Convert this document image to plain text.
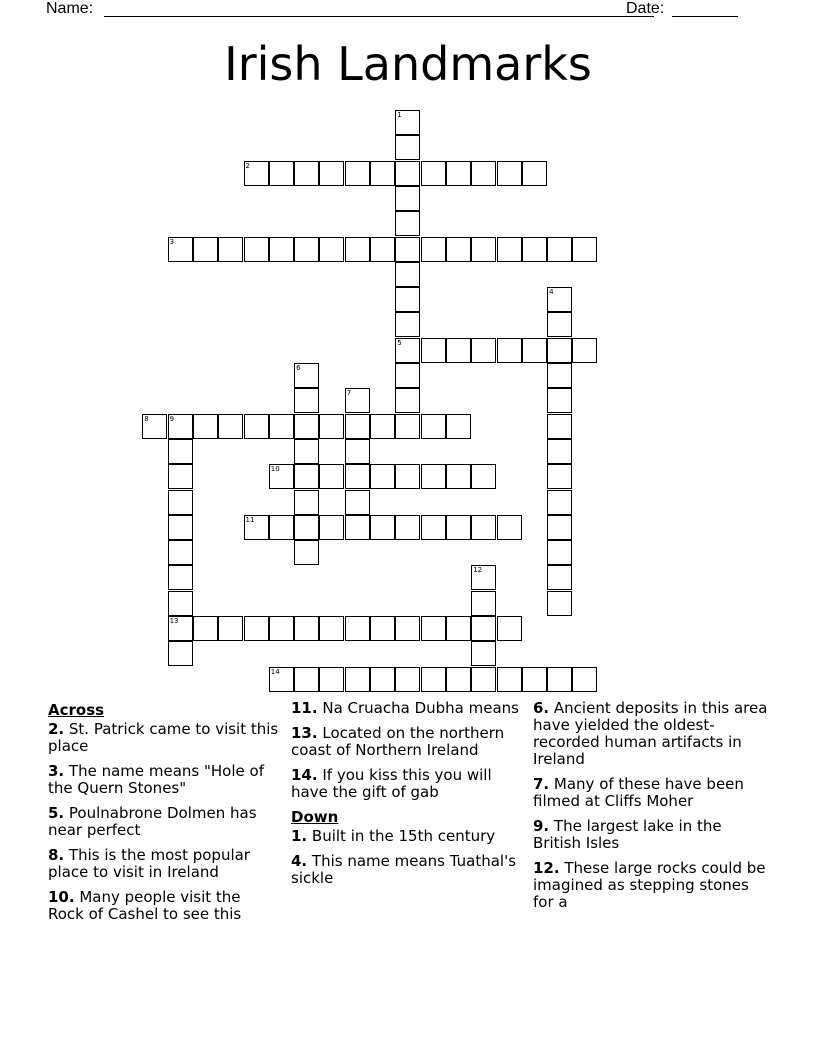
Name:	Date:
Irish Landmarks
1
5
2
3
4
6
7
8	9
13
10
11
12
14
Across
2. St. Patrick came to visit this place
3. The name means "Hole of the Quern Stones"
5. Poulnabrone Dolmen has near perfect
8. This is the most popular place to visit in Ireland
10. Many people visit the Rock of Cashel to see this
11. Na Cruacha Dubha means
13. Located on the northern coast of Northern Ireland
14. If you kiss this you will have the gift of gab
Down
1. Built in the 15th century
4. This name means Tuathal's sickle
6. Ancient deposits in this area have yielded the oldest-recorded human artifacts in Ireland
7. Many of these have been filmed at Cliffs Moher
9. The largest lake in the British Isles
12. These large rocks could be imagined as stepping stones for a
